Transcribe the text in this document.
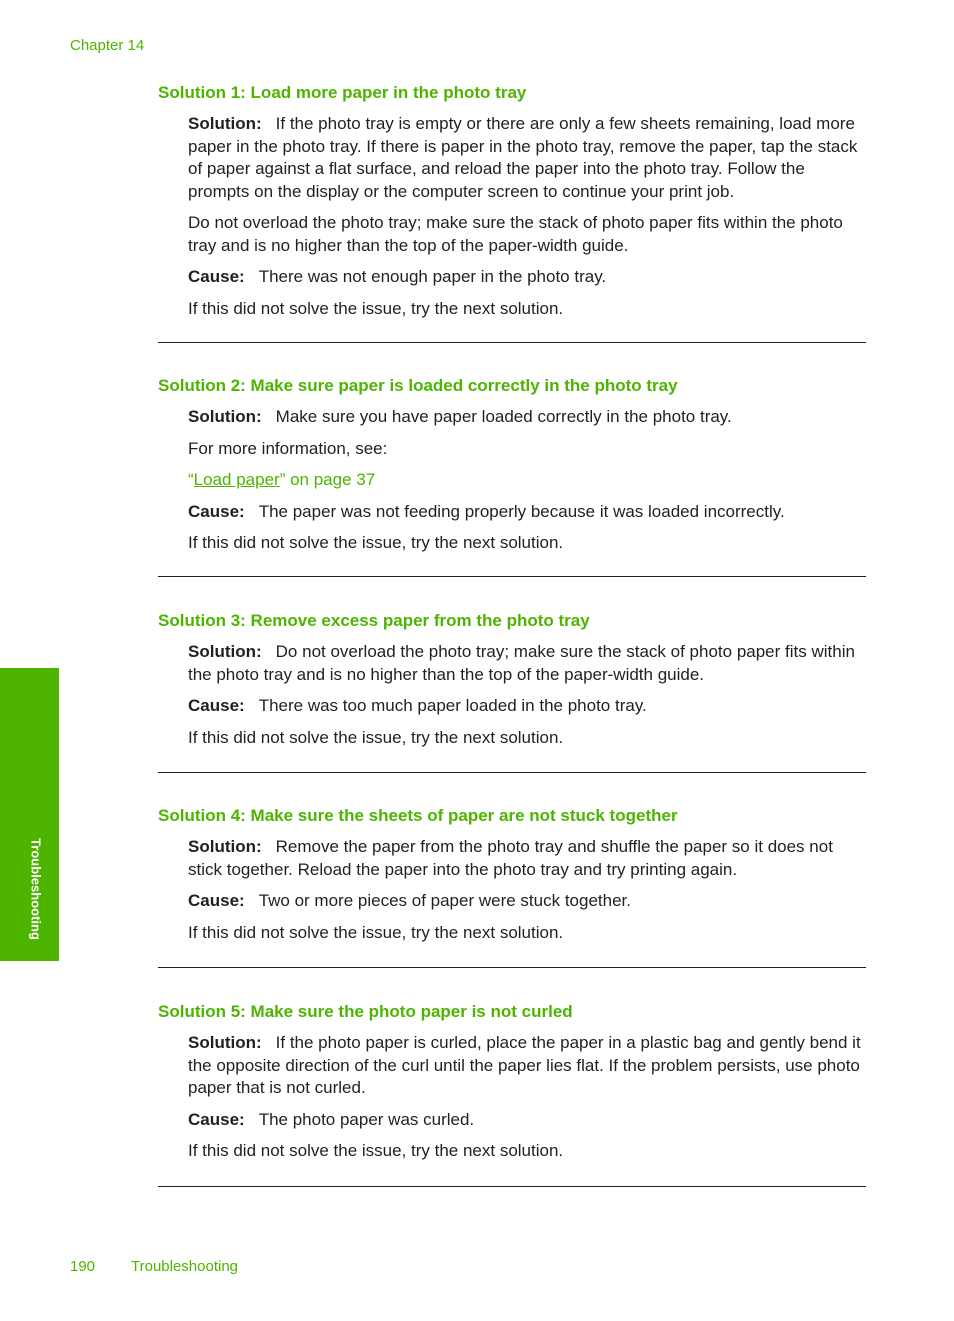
Chapter 14
Troubleshooting
Solution 1: Load more paper in the photo tray
Solution: If the photo tray is empty or there are only a few sheets remaining, load more paper in the photo tray. If there is paper in the photo tray, remove the paper, tap the stack of paper against a flat surface, and reload the paper into the photo tray. Follow the prompts on the display or the computer screen to continue your print job.
Do not overload the photo tray; make sure the stack of photo paper fits within the photo tray and is no higher than the top of the paper-width guide.
Cause: There was not enough paper in the photo tray.
If this did not solve the issue, try the next solution.
Solution 2: Make sure paper is loaded correctly in the photo tray
Solution: Make sure you have paper loaded correctly in the photo tray.
For more information, see:
“Load paper” on page 37
Cause: The paper was not feeding properly because it was loaded incorrectly.
If this did not solve the issue, try the next solution.
Solution 3: Remove excess paper from the photo tray
Solution: Do not overload the photo tray; make sure the stack of photo paper fits within the photo tray and is no higher than the top of the paper-width guide.
Cause: There was too much paper loaded in the photo tray.
If this did not solve the issue, try the next solution.
Solution 4: Make sure the sheets of paper are not stuck together
Solution: Remove the paper from the photo tray and shuffle the paper so it does not stick together. Reload the paper into the photo tray and try printing again.
Cause: Two or more pieces of paper were stuck together.
If this did not solve the issue, try the next solution.
Solution 5: Make sure the photo paper is not curled
Solution: If the photo paper is curled, place the paper in a plastic bag and gently bend it the opposite direction of the curl until the paper lies flat. If the problem persists, use photo paper that is not curled.
Cause: The photo paper was curled.
If this did not solve the issue, try the next solution.
190 Troubleshooting
